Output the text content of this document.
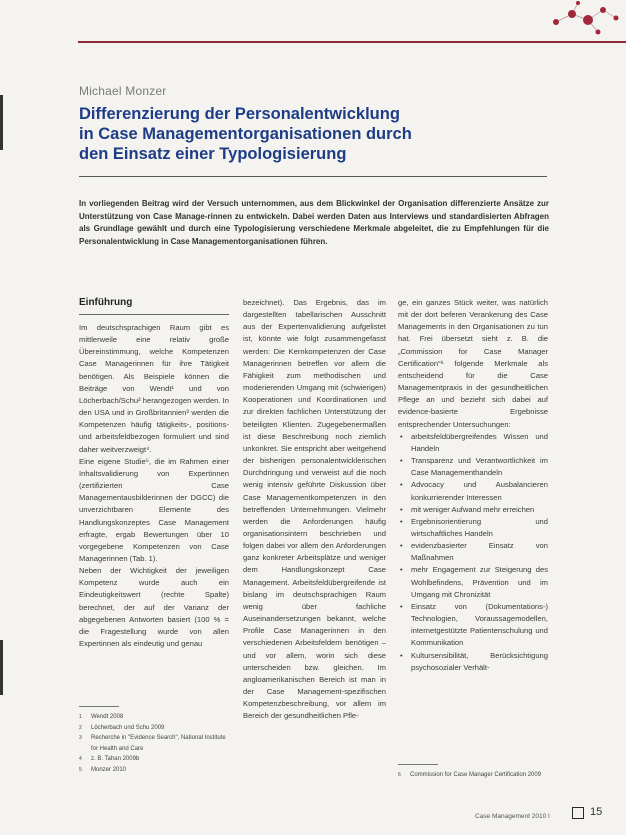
Michael Monzer
Differenzierung der Personalentwicklung
in Case Managementorganisationen durch
den Einsatz einer Typologisierung
In vorliegenden Beitrag wird der Versuch unternommen, aus dem Blickwinkel der Organisation differenzierte Ansätze zur Unterstützung von Case Manage-rinnen zu entwickeln. Dabei werden Daten aus Interviews und standardisierten Abfragen als Grundlage gewählt und durch eine Typologisierung verschiedene Merkmale abgeleitet, die zu Empfehlungen für die Personalentwicklung in Case Managementorganisationen führen.
Einführung

Im deutschsprachigen Raum gibt es mittlerweile eine relativ große Übereinstimmung, welche Kompetenzen Case Managerinnen für ihre Tätigkeit benötigen. Als Beispiele können die Beiträge von Wendt¹ und von Löcherbach/Schu² herangezogen werden. In den USA und in Großbritannien³ werden die Kompetenzen häufig tätigkeits-, positions- und arbeitsfeldbezogen formuliert und sind daher weitverzweigt⁴.

Eine eigene Studie⁵, die im Rahmen einer Inhaltsvalidierung von Expertinnen (zertifizierten Case Managementausbilderinnen der DGCC) die unverzichtbaren Elemente des Handlungskonzeptes Case Management erfragte, ergab Bewertungen über 10 vorgegebene Kompetenzen von Case Managerinnen (Tab. 1).

Neben der Wichtigkeit der jeweiligen Kompetenz wurde auch ein Eindeutigkeitswert (rechte Spalte) berechnet, der auf der Varianz der abgegebenen Antworten basiert (100 % = die Fragestellung wurde von allen Expertinnen als eindeutig und genau

bezeichnet). Das Ergebnis, das im dargestellten tabellarischen Ausschnitt aus der Expertenvalidierung aufgelistet ist, könnte wie folgt zusammengefasst werden: Die Kernkompetenzen der Case Managerinnen betreffen vor allem die Fähigkeit zum methodischen und moderierenden Umgang mit (schwierigen) Kooperationen und Koordinationen und zur direkten fachlichen Unterstützung der beteiligten Klienten. Zugegebenermaßen ist diese Beschreibung noch ziemlich unkonkret. Sie entspricht aber weitgehend der bisherigen personalentwicklerischen Durchdringung und verweist auf die noch wenig intensiv geführte Diskussion über Case Managementkompetenzen in den betreffenden Unternehmungen. Vielmehr werden die Anforderungen häufig organisationsintern beschrieben und folgen dabei vor allem den Anforderungen ganz konkreter Arbeitsplätze und weniger dem Handlungskonzept Case Management. Arbeitsfeldübergreifende ist bislang im deutschsprachigen Raum wenig über fachliche Auseinandersetzungen bekannt, welche Profile Case Managerinnen in den verschiedenen Arbeitsfeldern benötigen – und vor allem, worin sich diese unterscheiden bzw. gleichen. Im angloamerikanischen Bereich ist man in der Case Management-spezifischen Kompetenzbeschreibung, vor allem im Bereich der gesundheitlichen Pfle-

ge, ein ganzes Stück weiter, was natürlich mit der dort beferen Verankerung des Case Managements in den Organisationen zu tun hat. Frei übersetzt sieht z. B. die „Commission for Case Manager Certification“⁶ folgende Merkmale als entscheidend für die Case Managementpraxis in der gesundheitlichen Pflege an und bezieht sich dabei auf evidence-basierte Ergebnisse entsprechender Untersuchungen:

• arbeitsfeldübergreifendes Wissen und Handeln
• Transparenz und Verantwortlichkeit im Case Managementhandeln
• Advocacy und Ausbalancieren konkurrierender Interessen
• mit weniger Aufwand mehr erreichen
• Ergebnisorientierung und wirtschaftliches Handeln
• evidenzbasierter Einsatz von Maßnahmen
• mehr Engagement zur Steigerung des Wohlbefindens, Prävention und im Umgang mit Chronizität
• Einsatz von (Dokumentations-) Technologien, Voraussagemodellen, internetgestützte Patientenschulung und Kommunikation
• Kultursensibilität, Berücksichtigung psychosozialer Verhält-
1 Wendt 2008
2 Löcherbach und Schu 2009
3 Recherche in "Evidence Search", National Institute for Health and Care
4 z. B. Tahan 2009b
5 Monzer 2010
6 Commission for Case Manager Certification 2009
Case Management 2010 I	15
